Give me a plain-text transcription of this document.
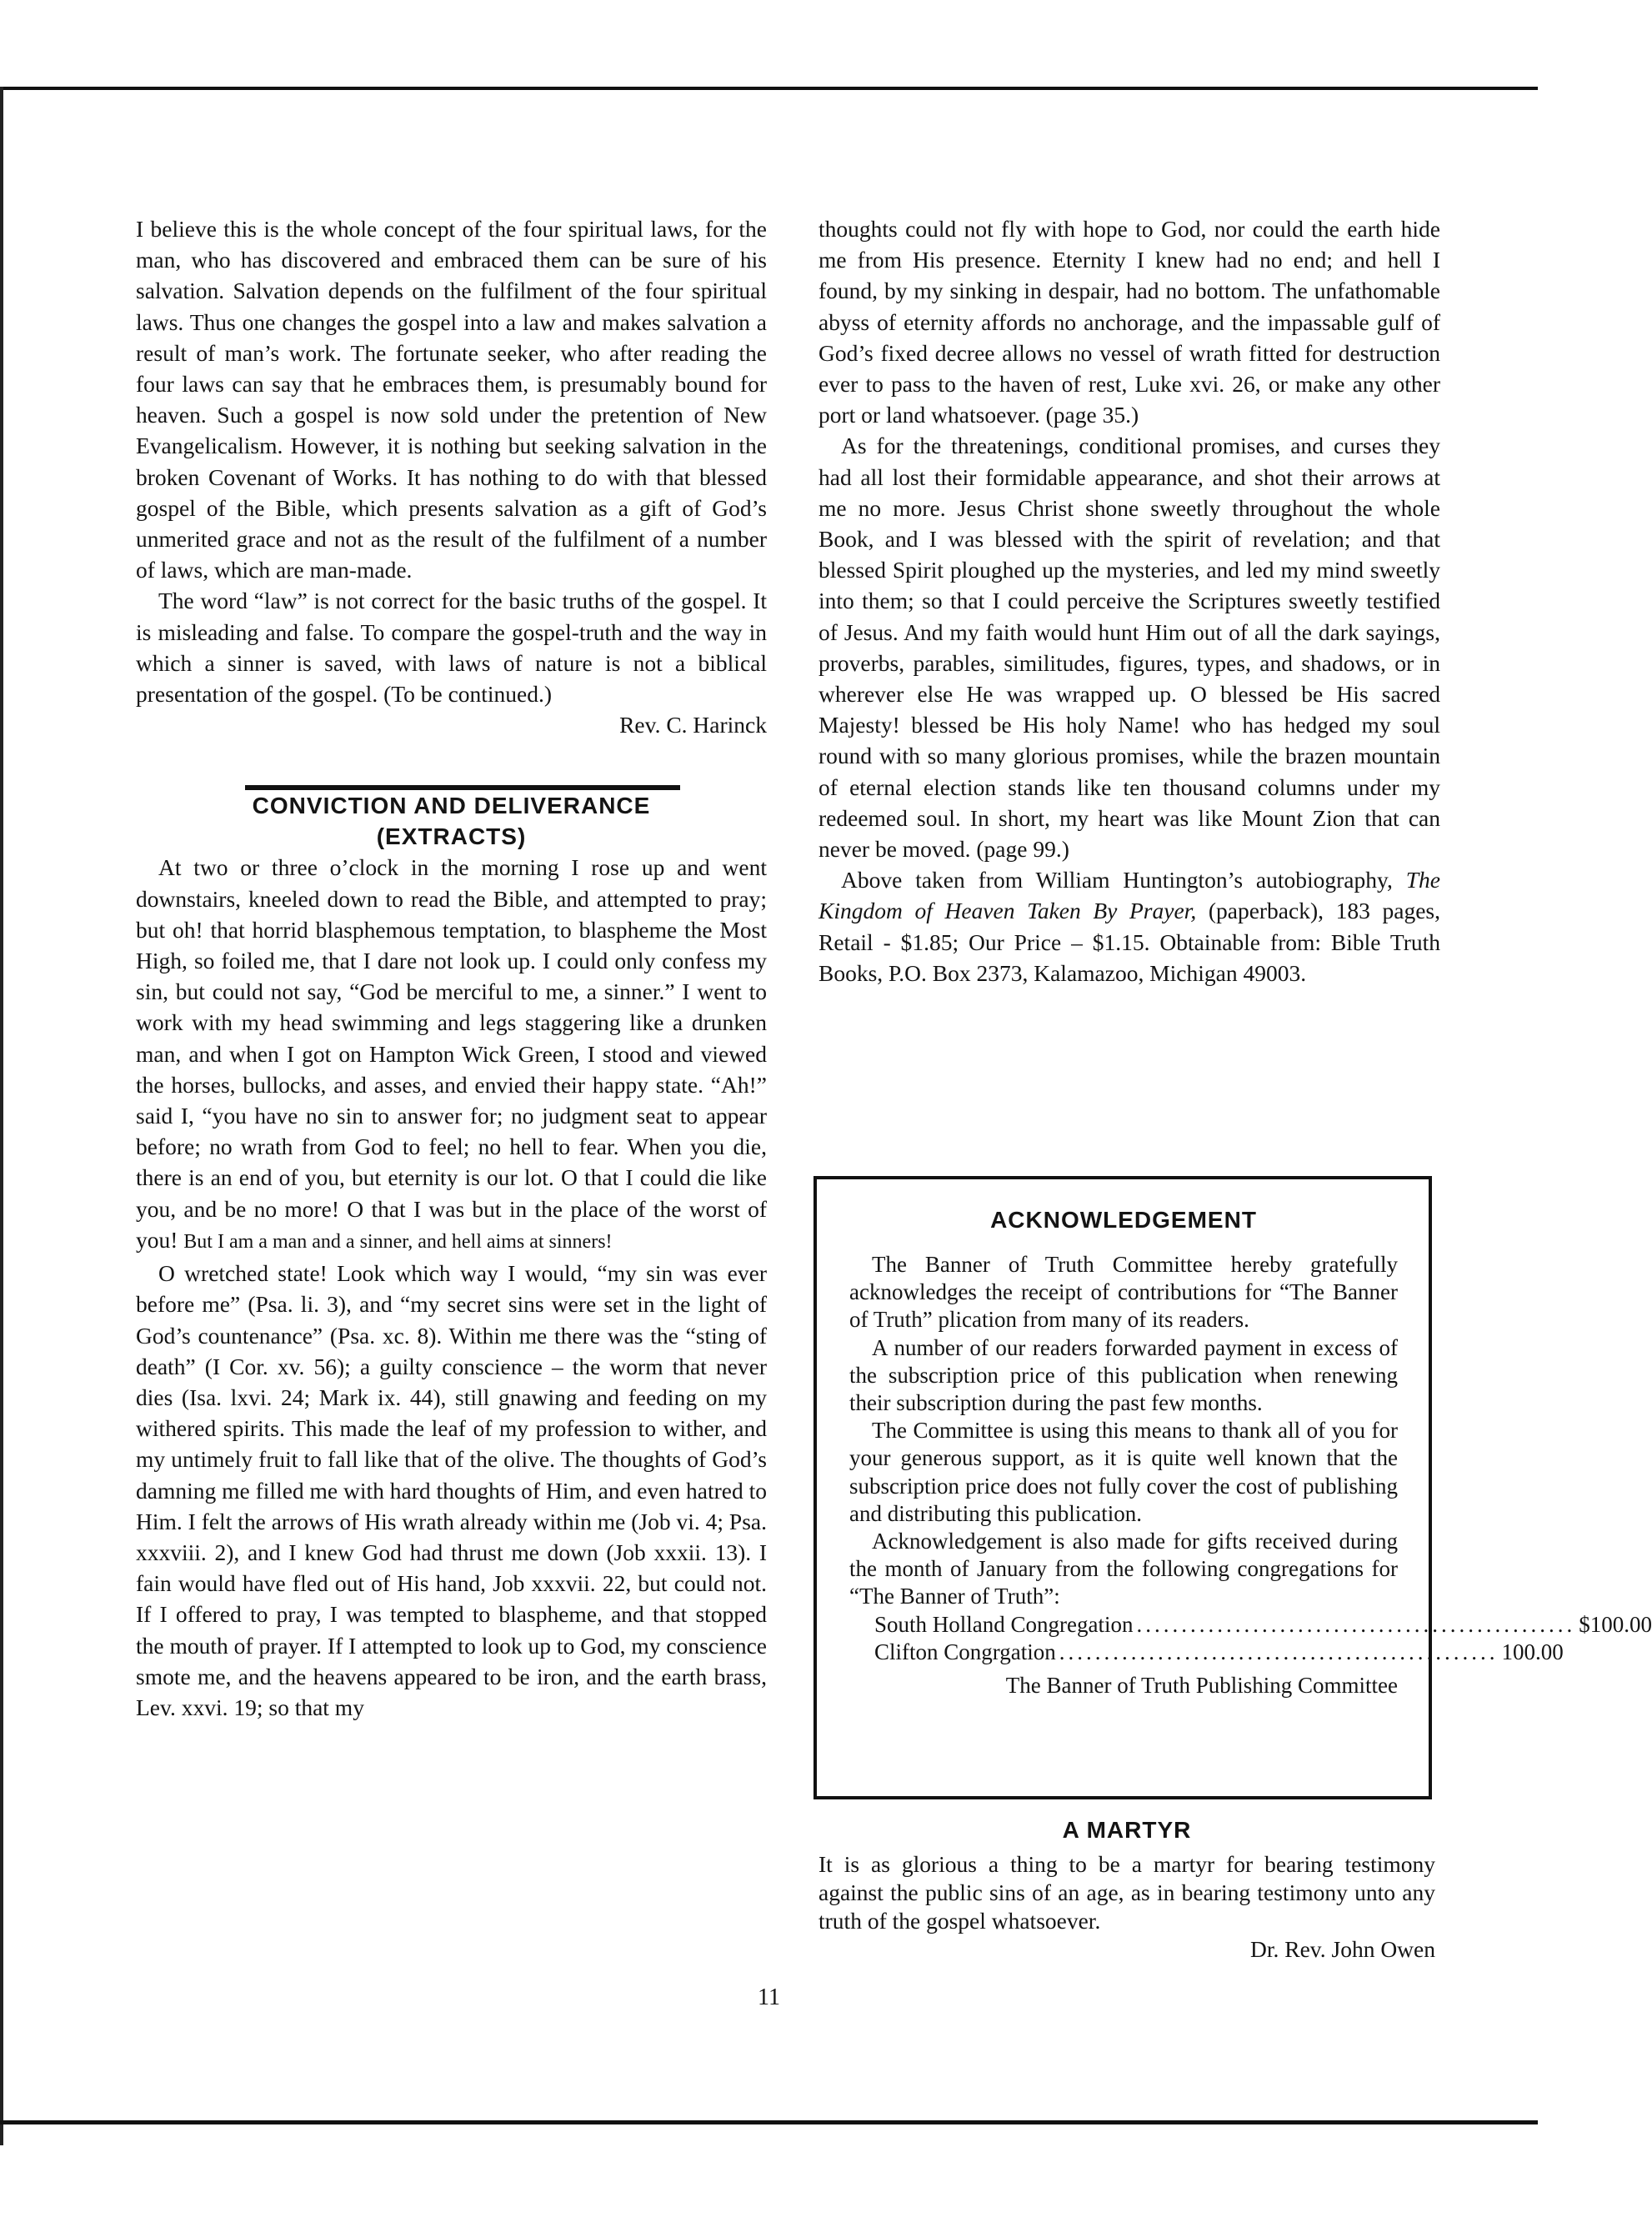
I believe this is the whole concept of the four spiritual laws, for the man, who has discovered and embraced them can be sure of his salvation. Salvation depends on the fulfilment of the four spiritual laws. Thus one changes the gospel into a law and makes salvation a result of man’s work. The fortunate seeker, who after reading the four laws can say that he embraces them, is presumably bound for heaven. Such a gospel is now sold under the pretention of New Evangelicalism. However, it is nothing but seeking salvation in the broken Covenant of Works. It has nothing to do with that blessed gospel of the Bible, which presents salvation as a gift of God’s unmerited grace and not as the result of the fulfilment of a number of laws, which are man-made.

The word “law” is not correct for the basic truths of the gospel. It is misleading and false. To compare the gospel-truth and the way in which a sinner is saved, with laws of nature is not a biblical presentation of the gospel. (To be continued.)

Rev. C. Harinck

CONVICTION AND DELIVERANCE
(EXTRACTS)

At two or three o’clock in the morning I rose up and went downstairs, kneeled down to read the Bible, and attempted to pray; but oh! that horrid blasphemous temptation, to blaspheme the Most High, so foiled me, that I dare not look up. I could only confess my sin, but could not say, “God be merciful to me, a sinner.” I went to work with my head swimming and legs staggering like a drunken man, and when I got on Hampton Wick Green, I stood and viewed the horses, bullocks, and asses, and envied their happy state. “Ah!” said I, “you have no sin to answer for; no judgment seat to appear before; no wrath from God to feel; no hell to fear. When you die, there is an end of you, but eternity is our lot. O that I could die like you, and be no more! O that I was but in the place of the worst of you! But I am a man and a sinner, and hell aims at sinners!

O wretched state! Look which way I would, “my sin was ever before me” (Psa. li. 3), and “my secret sins were set in the light of God’s countenance” (Psa. xc. 8). Within me there was the “sting of death” (I Cor. xv. 56); a guilty conscience – the worm that never dies (Isa. lxvi. 24; Mark ix. 44), still gnawing and feeding on my withered spirits. This made the leaf of my profession to wither, and my untimely fruit to fall like that of the olive. The thoughts of God’s damning me filled me with hard thoughts of Him, and even hatred to Him. I felt the arrows of His wrath already within me (Job vi. 4; Psa. xxxviii. 2), and I knew God had thrust me down (Job xxxii. 13). I fain would have fled out of His hand, Job xxxvii. 22, but could not. If I offered to pray, I was tempted to blaspheme, and that stopped the mouth of prayer. If I attempted to look up to God, my conscience smote me, and the heavens appeared to be iron, and the earth brass, Lev. xxvi. 19; so that my

thoughts could not fly with hope to God, nor could the earth hide me from His presence. Eternity I knew had no end; and hell I found, by my sinking in despair, had no bottom. The unfathomable abyss of eternity affords no anchorage, and the impassable gulf of God’s fixed decree allows no vessel of wrath fitted for destruction ever to pass to the haven of rest, Luke xvi. 26, or make any other port or land whatsoever. (page 35.)

As for the threatenings, conditional promises, and curses they had all lost their formidable appearance, and shot their arrows at me no more. Jesus Christ shone sweetly throughout the whole Book, and I was blessed with the spirit of revelation; and that blessed Spirit ploughed up the mysteries, and led my mind sweetly into them; so that I could perceive the Scriptures sweetly testified of Jesus. And my faith would hunt Him out of all the dark sayings, proverbs, parables, similitudes, figures, types, and shadows, or in wherever else He was wrapped up. O blessed be His sacred Majesty! blessed be His holy Name! who has hedged my soul round with so many glorious promises, while the brazen mountain of eternal election stands like ten thousand columns under my redeemed soul. In short, my heart was like Mount Zion that can never be moved. (page 99.)

Above taken from William Huntington’s autobiography, The Kingdom of Heaven Taken By Prayer, (paperback), 183 pages, Retail - $1.85; Our Price – $1.15. Obtainable from: Bible Truth Books, P.O. Box 2373, Kalamazoo, Michigan 49003.

ACKNOWLEDGEMENT

The Banner of Truth Committee hereby gratefully acknowledges the receipt of contributions for “The Banner of Truth” plication from many of its readers.

A number of our readers forwarded payment in excess of the subscription price of this publication when renewing their subscription during the past few months.

The Committee is using this means to thank all of you for your generous support, as it is quite well known that the subscription price does not fully cover the cost of publishing and distributing this publication.

Acknowledgement is also made for gifts received during the month of January from the following congregations for “The Banner of Truth”:

South Holland Congregation ................................................. $100.00
Clifton Congrgation ................................................. 100.00

The Banner of Truth Publishing Committee

A MARTYR

It is as glorious a thing to be a martyr for bearing testimony against the public sins of an age, as in bearing testimony unto any truth of the gospel whatsoever.

Dr. Rev. John Owen

11
